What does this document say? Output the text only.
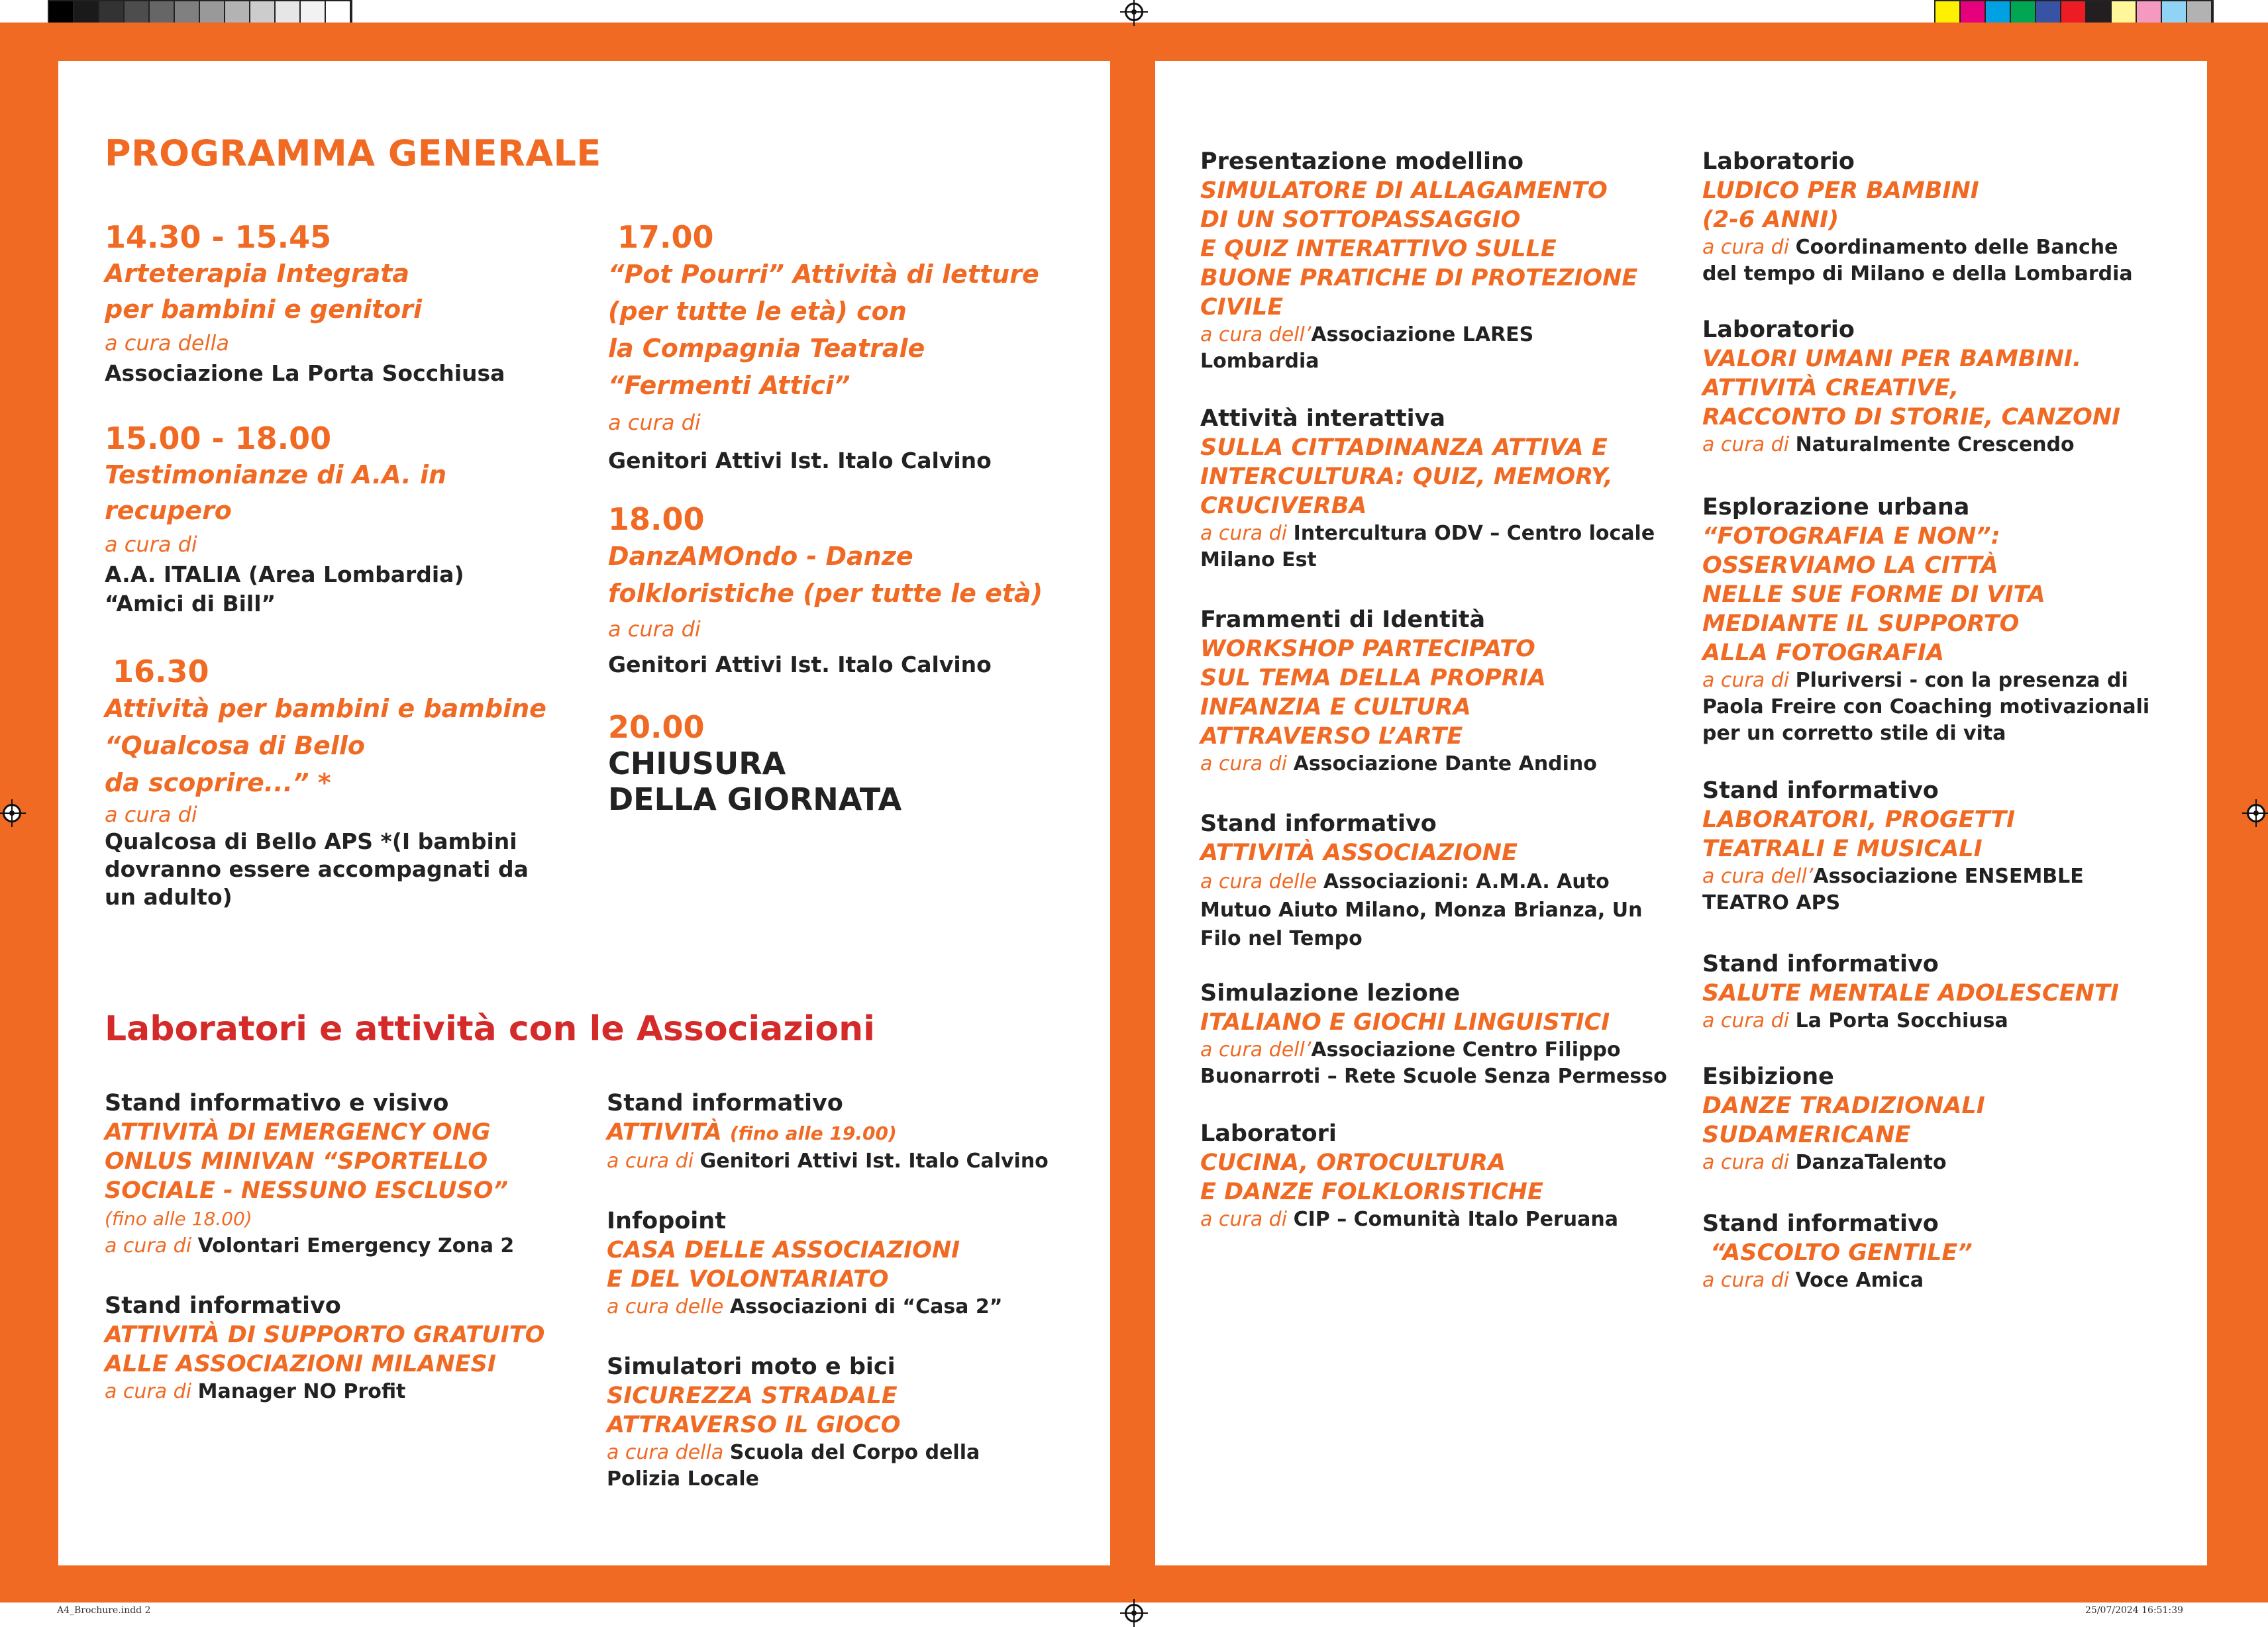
A4_Brochure.indd 2	25/07/2024 16:51:39
PROGRAMMA GENERALE
14.30 - 15.45
Arteterapia Integrata
per bambini e genitori
a cura della
Associazione La Porta Socchiusa
15.00 - 18.00
Testimonianze di A.A. in
recupero
a cura di
A.A. ITALIA (Area Lombardia)
“Amici di Bill”
16.30
Attività per bambini e bambine
“Qualcosa di Bello
da scoprire...” *
a cura di
Qualcosa di Bello APS *(I bambini
dovranno essere accompagnati da
un adulto)
17.00
“Pot Pourri” Attività di letture
(per tutte le età) con
la Compagnia Teatrale
“Fermenti Attici”
a cura di
Genitori Attivi Ist. Italo Calvino
18.00
DanzAMOndo - Danze
folkloristiche (per tutte le età)
a cura di
Genitori Attivi Ist. Italo Calvino
20.00
CHIUSURA
DELLA GIORNATA
Laboratori e attività con le Associazioni
Stand informativo e visivo
ATTIVITÀ DI EMERGENCY ONG
ONLUS MINIVAN “SPORTELLO
SOCIALE - NESSUNO ESCLUSO”
(fino alle 18.00)
a cura di Volontari Emergency Zona 2
Stand informativo
ATTIVITÀ DI SUPPORTO GRATUITO
ALLE ASSOCIAZIONI MILANESI
a cura di Manager NO Profit
Stand informativo
ATTIVITÀ (fino alle 19.00)
a cura di Genitori Attivi Ist. Italo Calvino
Infopoint
CASA DELLE ASSOCIAZIONI
E DEL VOLONTARIATO
a cura delle Associazioni di “Casa 2”
Simulatori moto e bici
SICUREZZA STRADALE
ATTRAVERSO IL GIOCO
a cura della Scuola del Corpo della
Polizia Locale
Presentazione modellino
SIMULATORE DI ALLAGAMENTO
DI UN SOTTOPASSAGGIO
E QUIZ INTERATTIVO SULLE
BUONE PRATICHE DI PROTEZIONE
CIVILE
a cura dell’Associazione LARES
Lombardia
Attività interattiva
SULLA CITTADINANZA ATTIVA E
INTERCULTURA: QUIZ, MEMORY,
CRUCIVERBA
a cura di Intercultura ODV – Centro locale
Milano Est
Frammenti di Identità
WORKSHOP PARTECIPATO
SUL TEMA DELLA PROPRIA
INFANZIA E CULTURA
ATTRAVERSO L’ARTE
a cura di Associazione Dante Andino
Stand informativo
ATTIVITÀ ASSOCIAZIONE
a cura delle Associazioni: A.M.A. Auto
Mutuo Aiuto Milano, Monza Brianza, Un
Filo nel Tempo
Simulazione lezione
ITALIANO E GIOCHI LINGUISTICI
a cura dell’Associazione Centro Filippo
Buonarroti – Rete Scuole Senza Permesso
Laboratori
CUCINA, ORTOCULTURA
E DANZE FOLKLORISTICHE
a cura di CIP – Comunità Italo Peruana
Laboratorio
LUDICO PER BAMBINI
(2-6 ANNI)
a cura di Coordinamento delle Banche
del tempo di Milano e della Lombardia
Laboratorio
VALORI UMANI PER BAMBINI.
ATTIVITÀ CREATIVE,
RACCONTO DI STORIE, CANZONI
a cura di Naturalmente Crescendo
Esplorazione urbana
“FOTOGRAFIA E NON”:
OSSERVIAMO LA CITTÀ
NELLE SUE FORME DI VITA
MEDIANTE IL SUPPORTO
ALLA FOTOGRAFIA
a cura di Pluriversi - con la presenza di
Paola Freire con Coaching motivazionali
per un corretto stile di vita
Stand informativo
LABORATORI, PROGETTI
TEATRALI E MUSICALI
a cura dell’Associazione ENSEMBLE
TEATRO APS
Stand informativo
SALUTE MENTALE ADOLESCENTI
a cura di La Porta Socchiusa
Esibizione
DANZE TRADIZIONALI
SUDAMERICANE
a cura di DanzaTalento
Stand informativo
“ASCOLTO GENTILE”
a cura di Voce Amica
